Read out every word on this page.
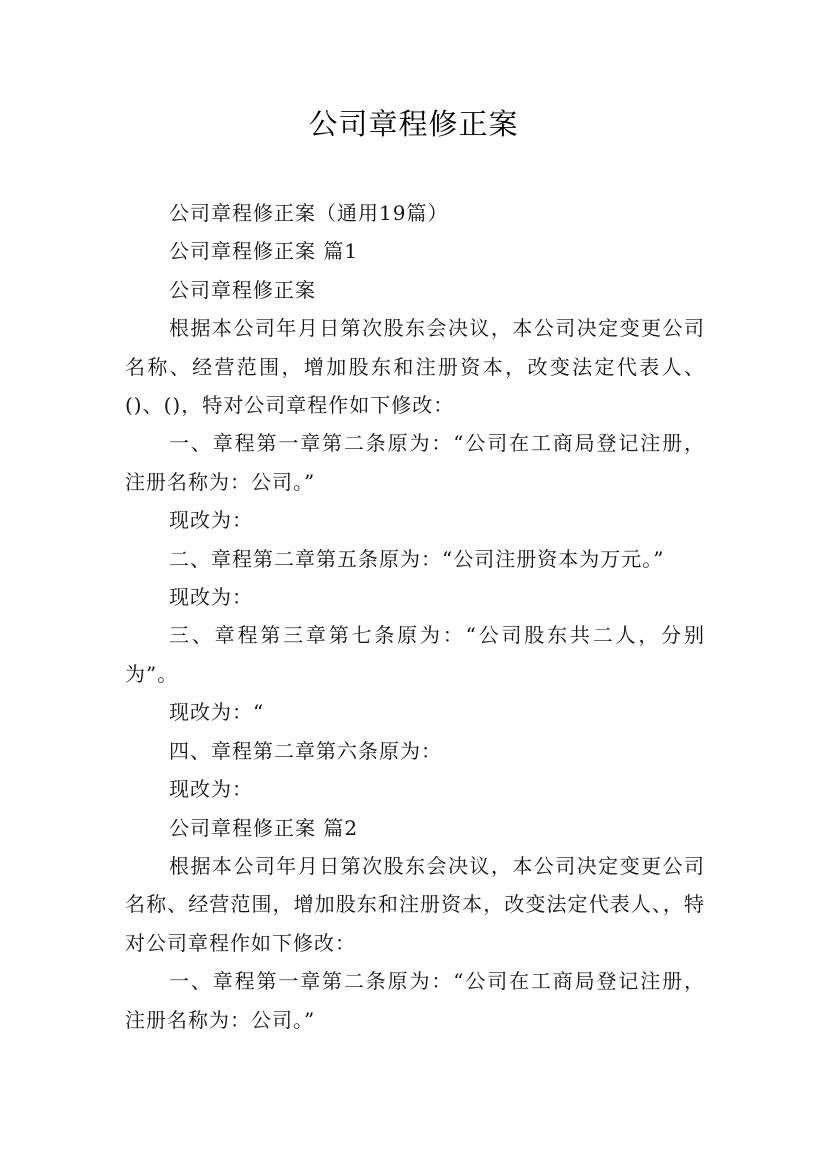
公司章程修正案

公司章程修正案（通用19篇）

公司章程修正案 篇1

公司章程修正案

根据本公司年月日第次股东会决议，本公司决定变更公司名称、经营范围，增加股东和注册资本，改变法定代表人、()、()，特对公司章程作如下修改：

一、章程第一章第二条原为：“公司在工商局登记注册，注册名称为：公司。”

现改为：

二、章程第二章第五条原为：“公司注册资本为万元。”

现改为：

三、章程第三章第七条原为：“公司股东共二人，分别为”。

现改为：“

四、章程第二章第六条原为：

现改为：

公司章程修正案 篇2

根据本公司年月日第次股东会决议，本公司决定变更公司名称、经营范围，增加股东和注册资本，改变法定代表人、，特对公司章程作如下修改：

一、章程第一章第二条原为：“公司在工商局登记注册，注册名称为：公司。”
